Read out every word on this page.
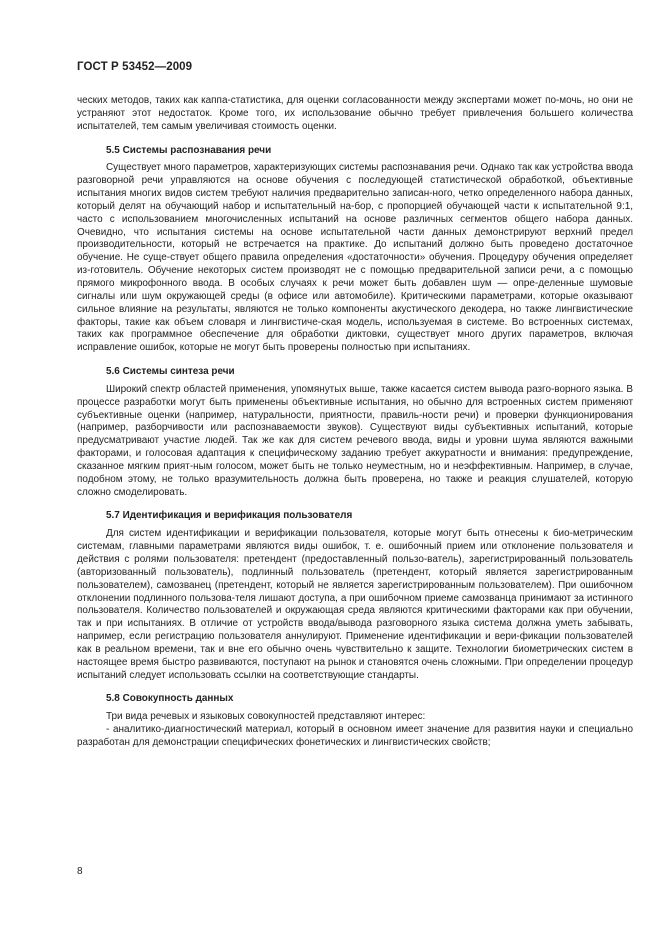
ГОСТ Р 53452—2009

ческих методов, таких как каппа-статистика, для оценки согласованности между экспертами может по-мочь, но они не устраняют этот недостаток. Кроме того, их использование обычно требует привлечения большего количества испытателей, тем самым увеличивая стоимость оценки.

5.5 Системы распознавания речи

Существует много параметров, характеризующих системы распознавания речи. Однако так как устройства ввода разговорной речи управляются на основе обучения с последующей статистической обработкой, объективные испытания многих видов систем требуют наличия предварительно записан-ного, четко определенного набора данных, который делят на обучающий набор и испытательный на-бор, с пропорцией обучающей части к испытательной 9:1, часто с использованием многочисленных испытаний на основе различных сегментов общего набора данных. Очевидно, что испытания системы на основе испытательной части данных демонстрируют верхний предел производительности, который не встречается на практике. До испытаний должно быть проведено достаточное обучение. Не суще-ствует общего правила определения «достаточности» обучения. Процедуру обучения определяет из-готовитель. Обучение некоторых систем производят не с помощью предварительной записи речи, а с помощью прямого микрофонного ввода. В особых случаях к речи может быть добавлен шум — опре-деленные шумовые сигналы или шум окружающей среды (в офисе или автомобиле). Критическими параметрами, которые оказывают сильное влияние на результаты, являются не только компоненты акустического декодера, но также лингвистические факторы, такие как объем словаря и лингвистиче-ская модель, используемая в системе. Во встроенных системах, таких как программное обеспечение для обработки диктовки, существует много других параметров, включая исправление ошибок, которые не могут быть проверены полностью при испытаниях.

5.6 Системы синтеза речи

Широкий спектр областей применения, упомянутых выше, также касается систем вывода разго-ворного языка. В процессе разработки могут быть применены объективные испытания, но обычно для встроенных систем применяют субъективные оценки (например, натуральности, приятности, правиль-ности речи) и проверки функционирования (например, разборчивости или распознаваемости звуков). Существуют виды субъективных испытаний, которые предусматривают участие людей. Так же как для систем речевого ввода, виды и уровни шума являются важными факторами, и голосовая адаптация к специфическому заданию требует аккуратности и внимания: предупреждение, сказанное мягким прият-ным голосом, может быть не только неуместным, но и неэффективным. Например, в случае, подобном этому, не только вразумительность должна быть проверена, но также и реакция слушателей, которую сложно смоделировать.

5.7 Идентификация и верификация пользователя

Для систем идентификации и верификации пользователя, которые могут быть отнесены к био-метрическим системам, главными параметрами являются виды ошибок, т. е. ошибочный прием или отклонение пользователя и действия с ролями пользователя: претендент (предоставленный пользо-ватель), зарегистрированный пользователь (авторизованный пользователь), подлинный пользователь (претендент, который является зарегистрированным пользователем), самозванец (претендент, который не является зарегистрированным пользователем). При ошибочном отклонении подлинного пользова-теля лишают доступа, а при ошибочном приеме самозванца принимают за истинного пользователя. Количество пользователей и окружающая среда являются критическими факторами как при обучении, так и при испытаниях. В отличие от устройств ввода/вывода разговорного языка система должна уметь забывать, например, если регистрацию пользователя аннулируют. Применение идентификации и вери-фикации пользователей как в реальном времени, так и вне его обычно очень чувствительно к защите. Технологии биометрических систем в настоящее время быстро развиваются, поступают на рынок и становятся очень сложными. При определении процедур испытаний следует использовать ссылки на соответствующие стандарты.

5.8 Совокупность данных

Три вида речевых и языковых совокупностей представляют интерес:

- аналитико-диагностический материал, который в основном имеет значение для развития науки и специально разработан для демонстрации специфических фонетических и лингвистических свойств;

8
